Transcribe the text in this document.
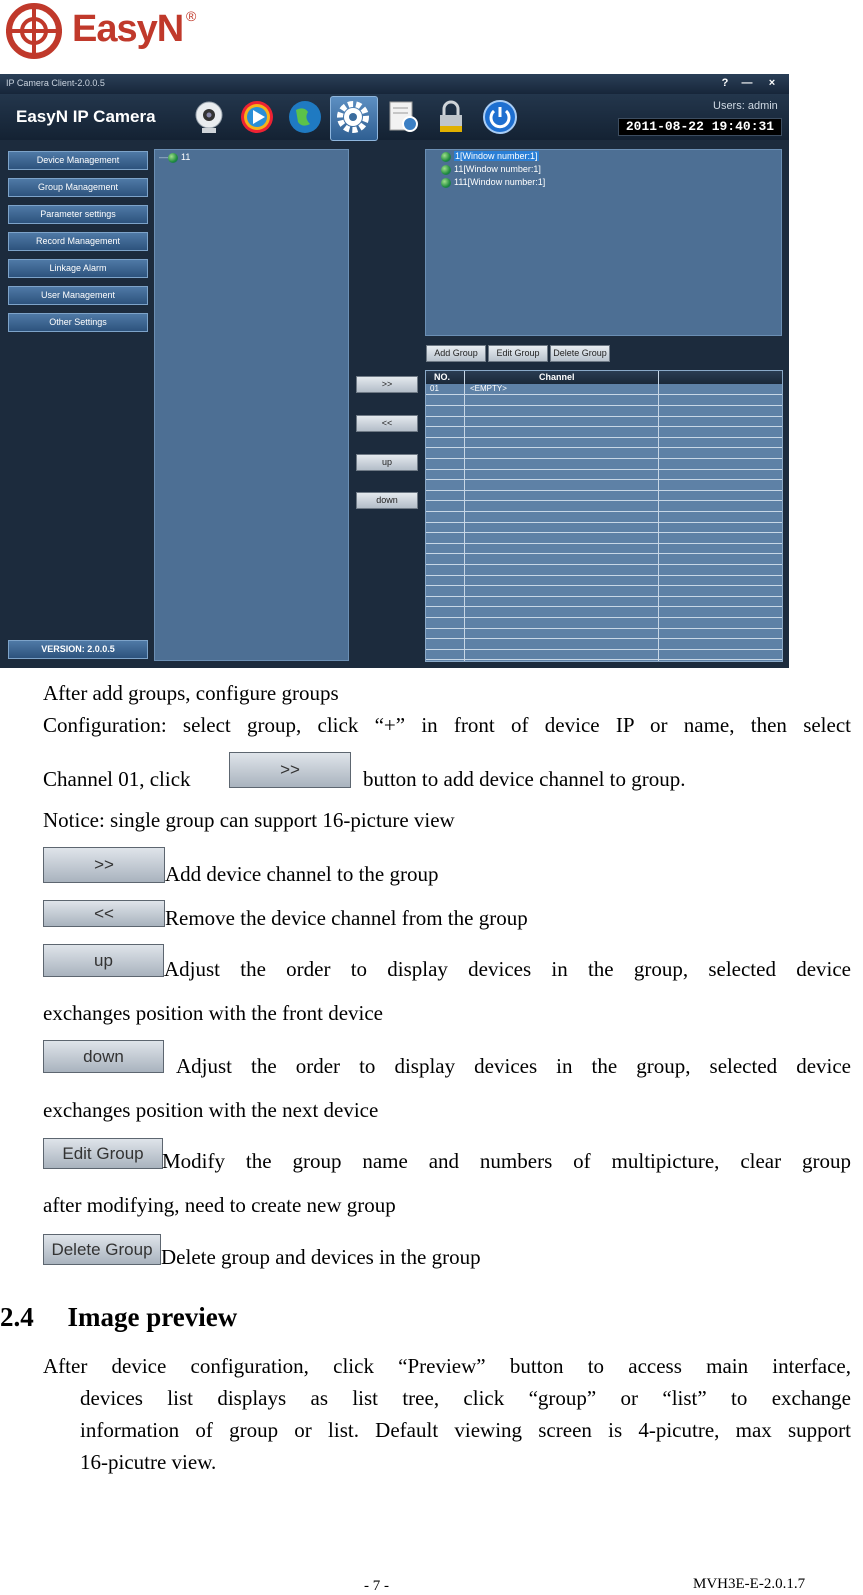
EasyN ®
IP Camera Client-2.0.0.5	?	—	×
EasyN IP Camera
Users: admin
2011-08-22 19:40:31
Device Management
Group Management
Parameter settings
Record Management
Linkage Alarm
User Management
Other Settings
VERSION: 2.0.0.5
— 11	1[Window number:1]
11[Window number:1]
111[Window number:1]
Add Group	Edit Group	Delete Group
>>
<<
up
down
NO.	Channel
01	<EMPTY>
After add groups, configure groups
Configuration: select group, click “+” in front of device IP or name, then select
Channel 01, click	>>	button to add device channel to group.
Notice: single group can support 16-picture view
>>	Add device channel to the group
<<	Remove the device channel from the group
up	Adjust the order to display devices in the group, selected device
exchanges position with the front device
down	Adjust the order to display devices in the group, selected device
exchanges position with the next device
Edit Group Modify the group name and numbers of multipicture, clear group
after modifying, need to create new group
Delete Group Delete group and devices in the group
2.4  Image preview
After device configuration, click “Preview” button to access main interface,
devices list displays as list tree, click “group” or “list” to exchange
information of group or list. Default viewing screen is 4-picutre, max support
16-picutre view.
- 7 -	MVH3E-E-2.0.1.7
